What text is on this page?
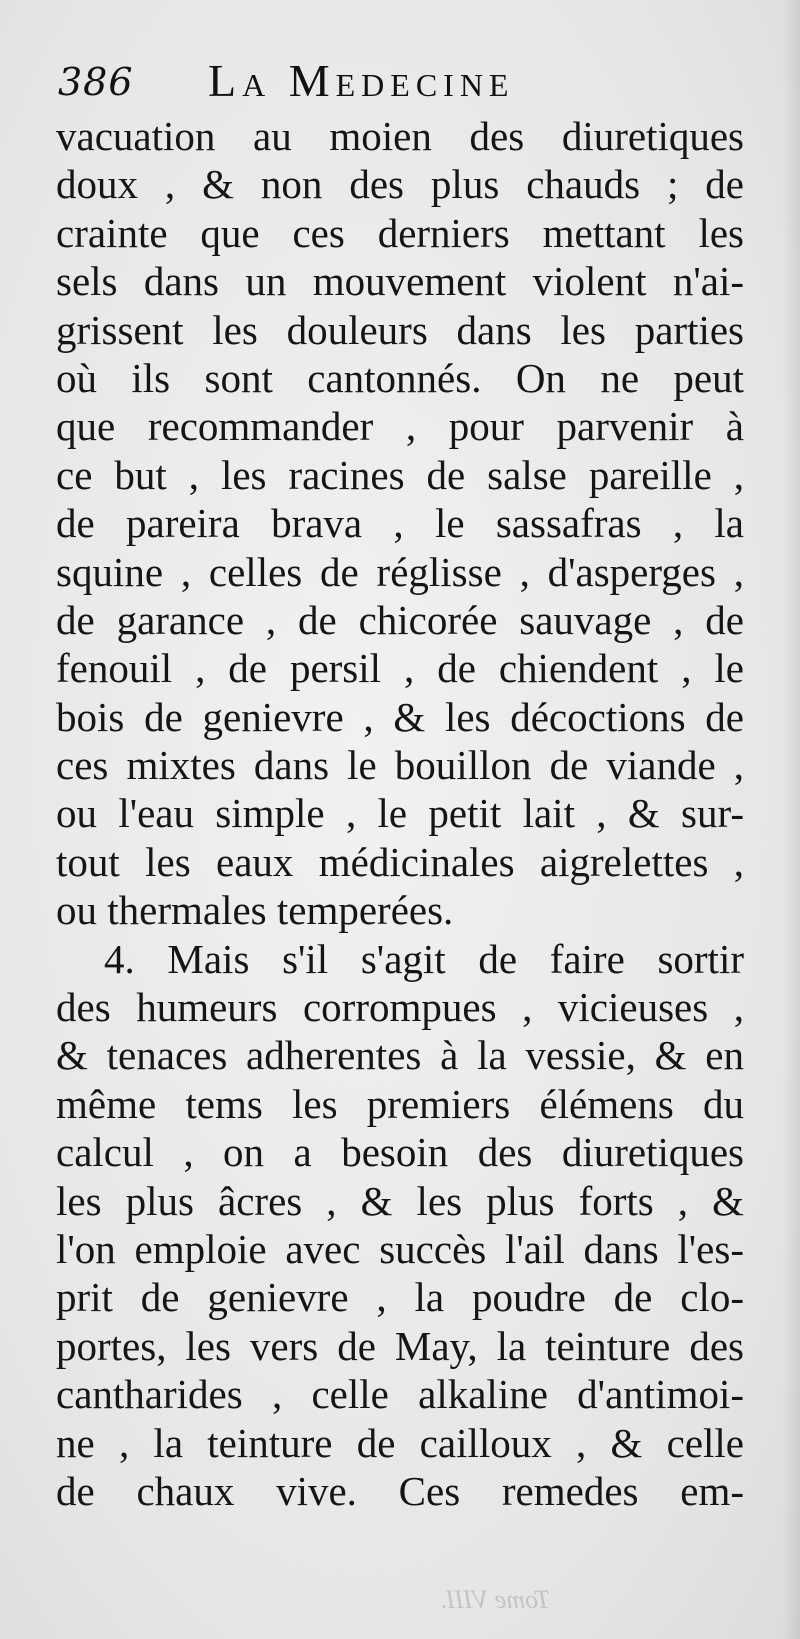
386 La Medecine
vacuation au moien des diuretiques
doux , & non des plus chauds ; de
crainte que ces derniers mettant les
sels dans un mouvement violent n'ai-
grissent les douleurs dans les parties
où ils sont cantonnés. On ne peut
que recommander , pour parvenir à
ce but , les racines de salse pareille ,
de pareira brava , le sassafras , la
squine , celles de réglisse , d'asperges ,
de garance , de chicorée sauvage , de
fenouil , de persil , de chiendent , le
bois de genievre , & les décoctions de
ces mixtes dans le bouillon de viande ,
ou l'eau simple , le petit lait , & sur-
tout les eaux médicinales aigrelettes ,
ou thermales temperées.
4. Mais s'il s'agit de faire sortir
des humeurs corrompues , vicieuses ,
& tenaces adherentes à la vessie, & en
même tems les premiers élémens du
calcul , on a besoin des diuretiques
les plus âcres , & les plus forts , &
l'on emploie avec succès l'ail dans l'es-
prit de genievre , la poudre de clo-
portes, les vers de May, la teinture des
cantharides , celle alkaline d'antimoi-
ne , la teinture de cailloux , & celle
de chaux vive. Ces remedes em-
Tome VIII.
